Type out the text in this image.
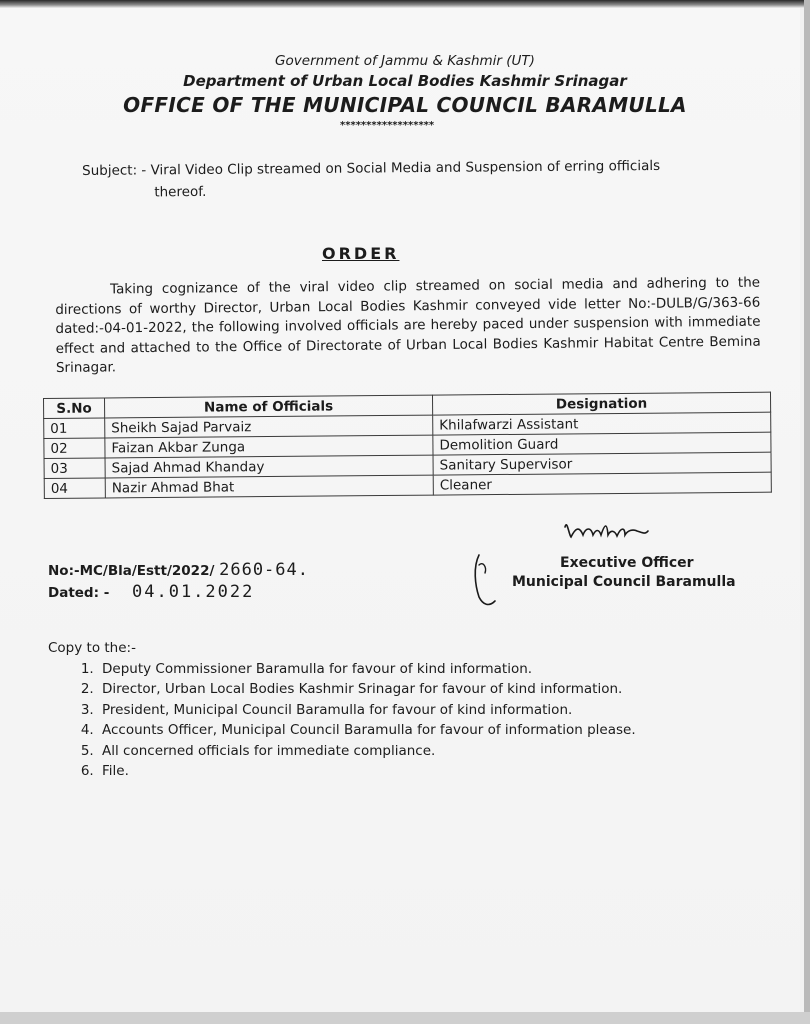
Government of Jammu & Kashmir (UT)
Department of Urban Local Bodies Kashmir Srinagar
OFFICE OF THE MUNICIPAL COUNCIL BARAMULLA
******************
Subject: - Viral Video Clip streamed on Social Media and Suspension of erring officials
thereof.
ORDER
Taking cognizance of the viral video clip streamed on social media and adhering to the directions of worthy Director, Urban Local Bodies Kashmir conveyed vide letter No:-DULB/G/363-66 dated:-04-01-2022, the following involved officials are hereby paced under suspension with immediate effect and attached to the Office of Directorate of Urban Local Bodies Kashmir Habitat Centre Bemina Srinagar.
S.No	Name of Officials	Designation
01	Sheikh Sajad Parvaiz	Khilafwarzi Assistant
02	Faizan Akbar Zunga	Demolition Guard
03	Sajad Ahmad Khanday	Sanitary Supervisor
04	Nazir Ahmad Bhat	Cleaner
No:-MC/Bla/Estt/2022/ 2660-64.
Dated: - 04.01.2022
Executive Officer
Municipal Council Baramulla
Copy to the:-
1. Deputy Commissioner Baramulla for favour of kind information.
2. Director, Urban Local Bodies Kashmir Srinagar for favour of kind information.
3. President, Municipal Council Baramulla for favour of kind information.
4. Accounts Officer, Municipal Council Baramulla for favour of information please.
5. All concerned officials for immediate compliance.
6. File.
